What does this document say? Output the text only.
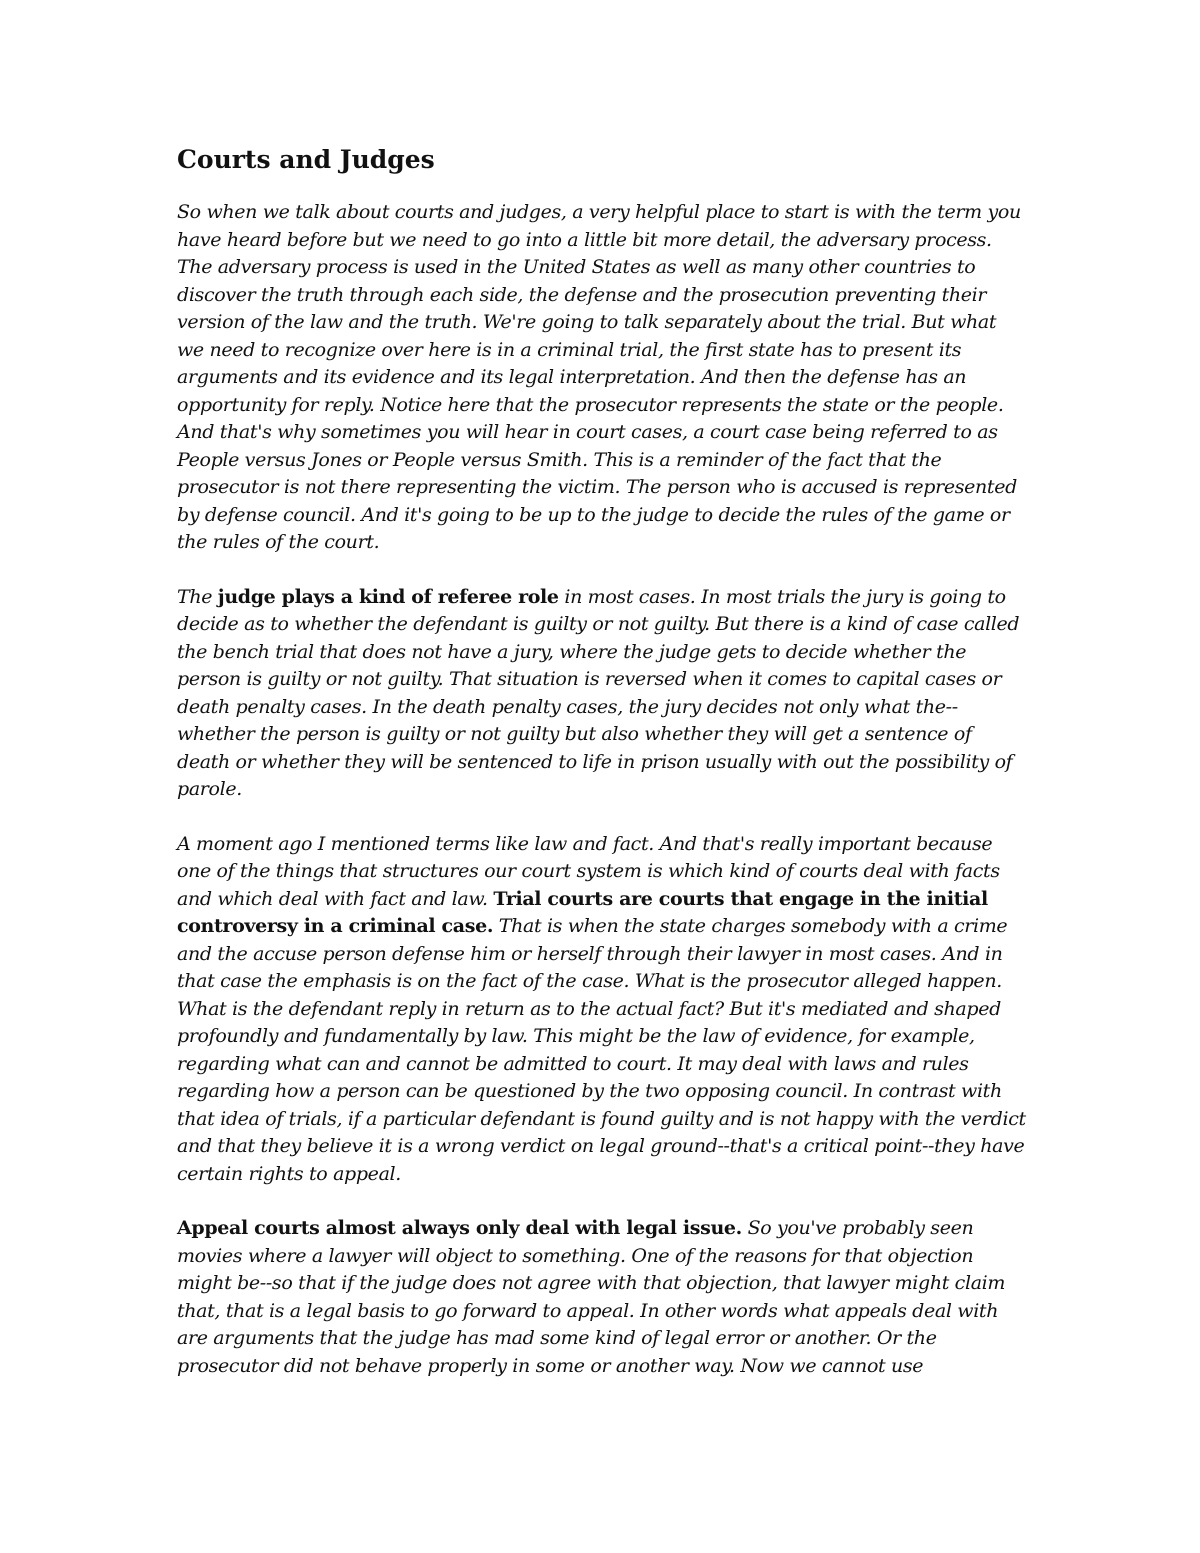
Courts and Judges

So when we talk about courts and judges, a very helpful place to start is with the term you have heard before but we need to go into a little bit more detail, the adversary process. The adversary process is used in the United States as well as many other countries to discover the truth through each side, the defense and the prosecution preventing their version of the law and the truth. We're going to talk separately about the trial. But what we need to recognize over here is in a criminal trial, the first state has to present its arguments and its evidence and its legal interpretation. And then the defense has an opportunity for reply. Notice here that the prosecutor represents the state or the people. And that's why sometimes you will hear in court cases, a court case being referred to as People versus Jones or People versus Smith. This is a reminder of the fact that the prosecutor is not there representing the victim. The person who is accused is represented by defense council. And it's going to be up to the judge to decide the rules of the game or the rules of the court.

The judge plays a kind of referee role in most cases. In most trials the jury is going to decide as to whether the defendant is guilty or not guilty. But there is a kind of case called the bench trial that does not have a jury, where the judge gets to decide whether the person is guilty or not guilty. That situation is reversed when it comes to capital cases or death penalty cases. In the death penalty cases, the jury decides not only what the--whether the person is guilty or not guilty but also whether they will get a sentence of death or whether they will be sentenced to life in prison usually with out the possibility of parole.

A moment ago I mentioned terms like law and fact. And that's really important because one of the things that structures our court system is which kind of courts deal with facts and which deal with fact and law. Trial courts are courts that engage in the initial controversy in a criminal case. That is when the state charges somebody with a crime and the accuse person defense him or herself through their lawyer in most cases. And in that case the emphasis is on the fact of the case. What is the prosecutor alleged happen. What is the defendant reply in return as to the actual fact? But it's mediated and shaped profoundly and fundamentally by law. This might be the law of evidence, for example, regarding what can and cannot be admitted to court. It may deal with laws and rules regarding how a person can be questioned by the two opposing council. In contrast with that idea of trials, if a particular defendant is found guilty and is not happy with the verdict and that they believe it is a wrong verdict on legal ground--that's a critical point--they have certain rights to appeal.

Appeal courts almost always only deal with legal issue. So you've probably seen movies where a lawyer will object to something. One of the reasons for that objection might be--so that if the judge does not agree with that objection, that lawyer might claim that, that is a legal basis to go forward to appeal. In other words what appeals deal with are arguments that the judge has mad some kind of legal error or another. Or the prosecutor did not behave properly in some or another way. Now we cannot use
